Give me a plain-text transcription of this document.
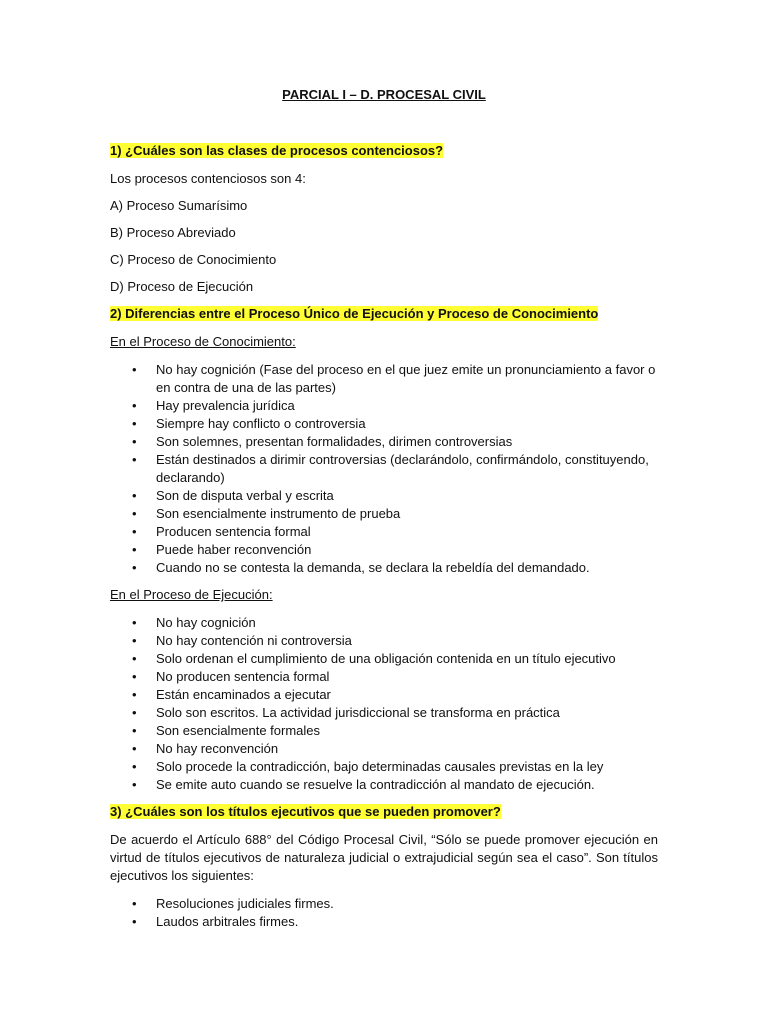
PARCIAL I – D. PROCESAL CIVIL
1) ¿Cuáles son las clases de procesos contenciosos?
Los procesos contenciosos son 4:
A) Proceso Sumarísimo
B) Proceso Abreviado
C) Proceso de Conocimiento
D) Proceso de Ejecución
2) Diferencias entre el Proceso Único de Ejecución y Proceso de Conocimiento
En el Proceso de Conocimiento:
• No hay cognición (Fase del proceso en el que juez emite un pronunciamiento a favor o en contra de una de las partes)
• Hay prevalencia jurídica
• Siempre hay conflicto o controversia
• Son solemnes, presentan formalidades, dirimen controversias
• Están destinados a dirimir controversias (declarándolo, confirmándolo, constituyendo, declarando)
• Son de disputa verbal y escrita
• Son esencialmente instrumento de prueba
• Producen sentencia formal
• Puede haber reconvención
• Cuando no se contesta la demanda, se declara la rebeldía del demandado.
En el Proceso de Ejecución:
• No hay cognición
• No hay contención ni controversia
• Solo ordenan el cumplimiento de una obligación contenida en un título ejecutivo
• No producen sentencia formal
• Están encaminados a ejecutar
• Solo son escritos. La actividad jurisdiccional se transforma en práctica
• Son esencialmente formales
• No hay reconvención
• Solo procede la contradicción, bajo determinadas causales previstas en la ley
• Se emite auto cuando se resuelve la contradicción al mandato de ejecución.
3) ¿Cuáles son los títulos ejecutivos que se pueden promover?
De acuerdo el Artículo 688° del Código Procesal Civil, “Sólo se puede promover ejecución en virtud de títulos ejecutivos de naturaleza judicial o extrajudicial según sea el caso”. Son títulos ejecutivos los siguientes:
• Resoluciones judiciales firmes.
• Laudos arbitrales firmes.
